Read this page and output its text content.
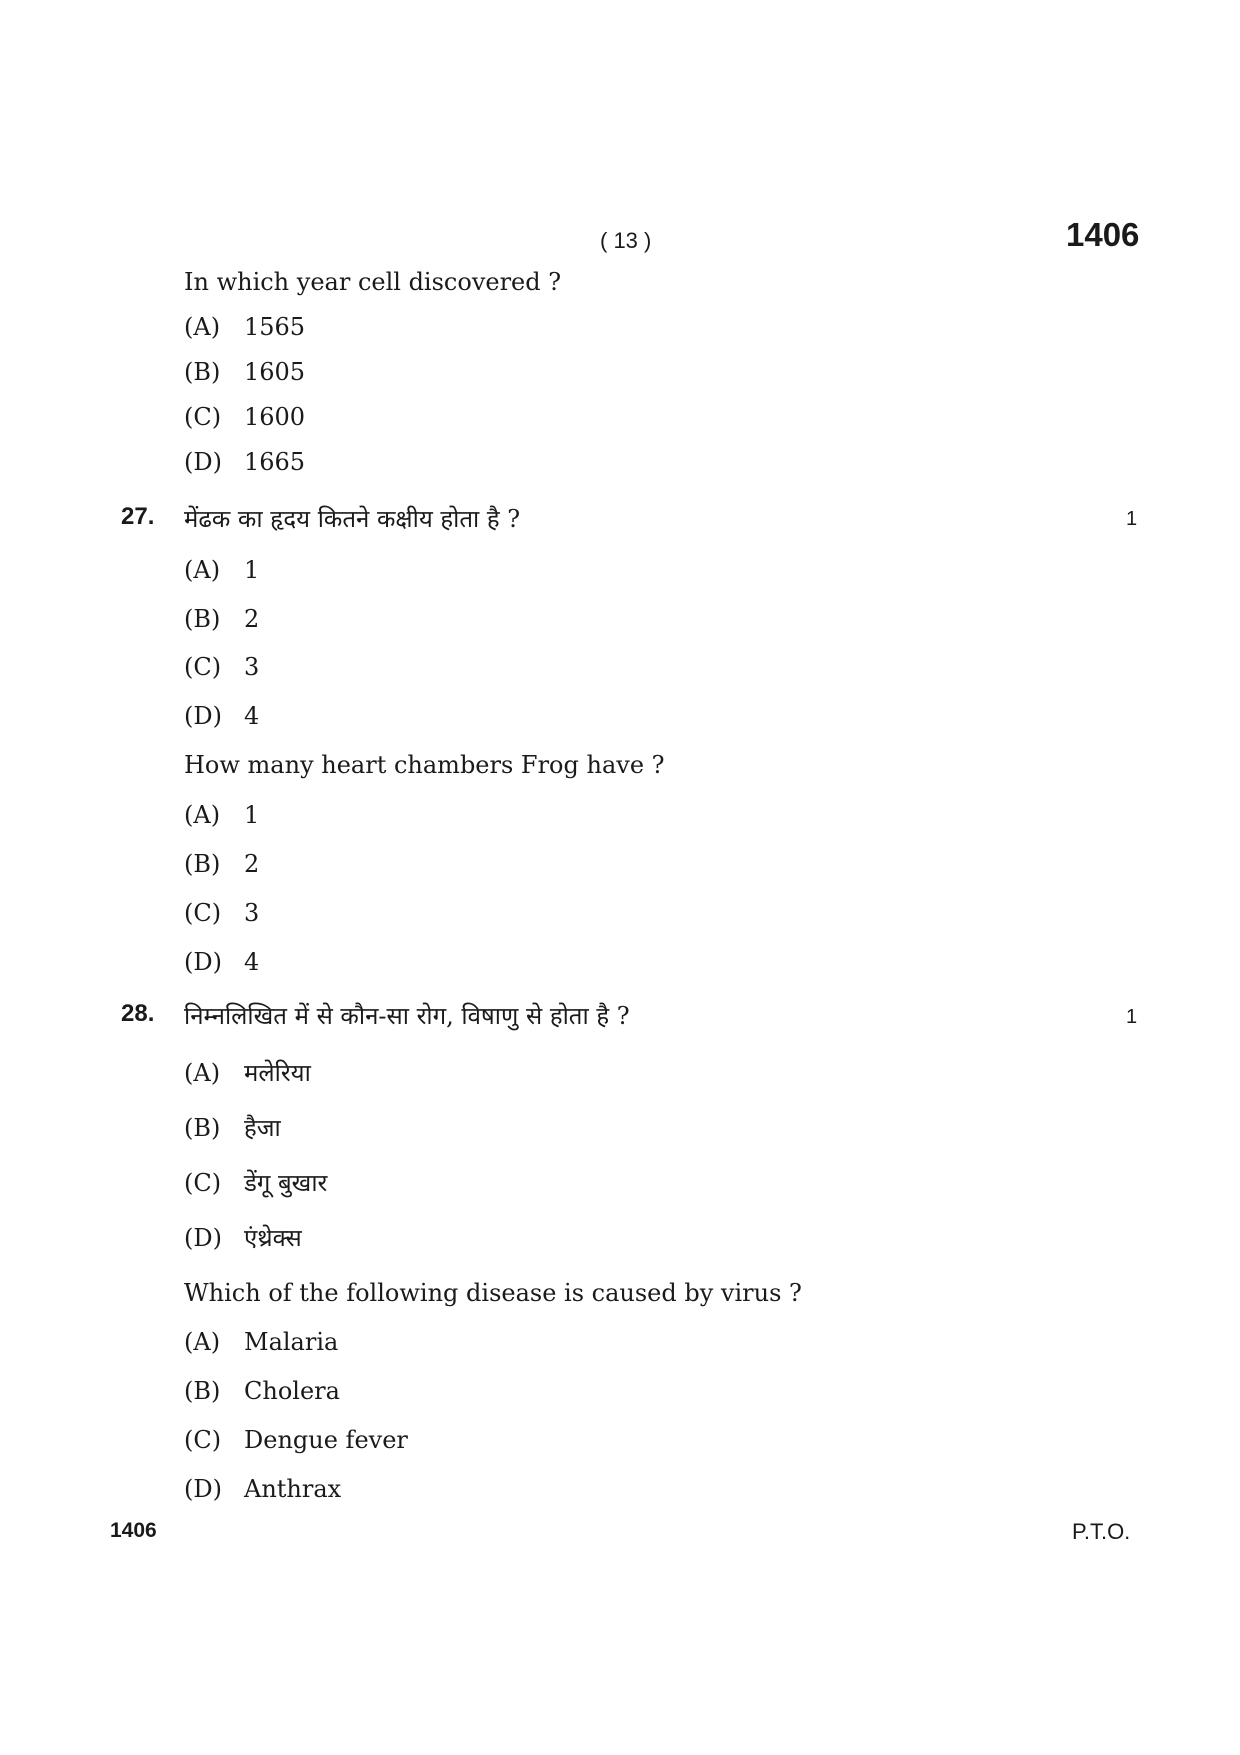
( 13 )	1406
In which year cell discovered ?
(A) 1565
(B) 1605
(C) 1600
(D) 1665
27. मेंढक का हृदय कितने कक्षीय होता है ?	1
(A) 1
(B) 2
(C) 3
(D) 4
How many heart chambers Frog have ?
(A) 1
(B) 2
(C) 3
(D) 4
28. निम्नलिखित में से कौन-सा रोग, विषाणु से होता है ?	1
(A) मलेरिया
(B) हैजा
(C) डेंगू बुखार
(D) एंथ्रेक्स
Which of the following disease is caused by virus ?
(A) Malaria
(B) Cholera
(C) Dengue fever
(D) Anthrax
1406	P.T.O.
